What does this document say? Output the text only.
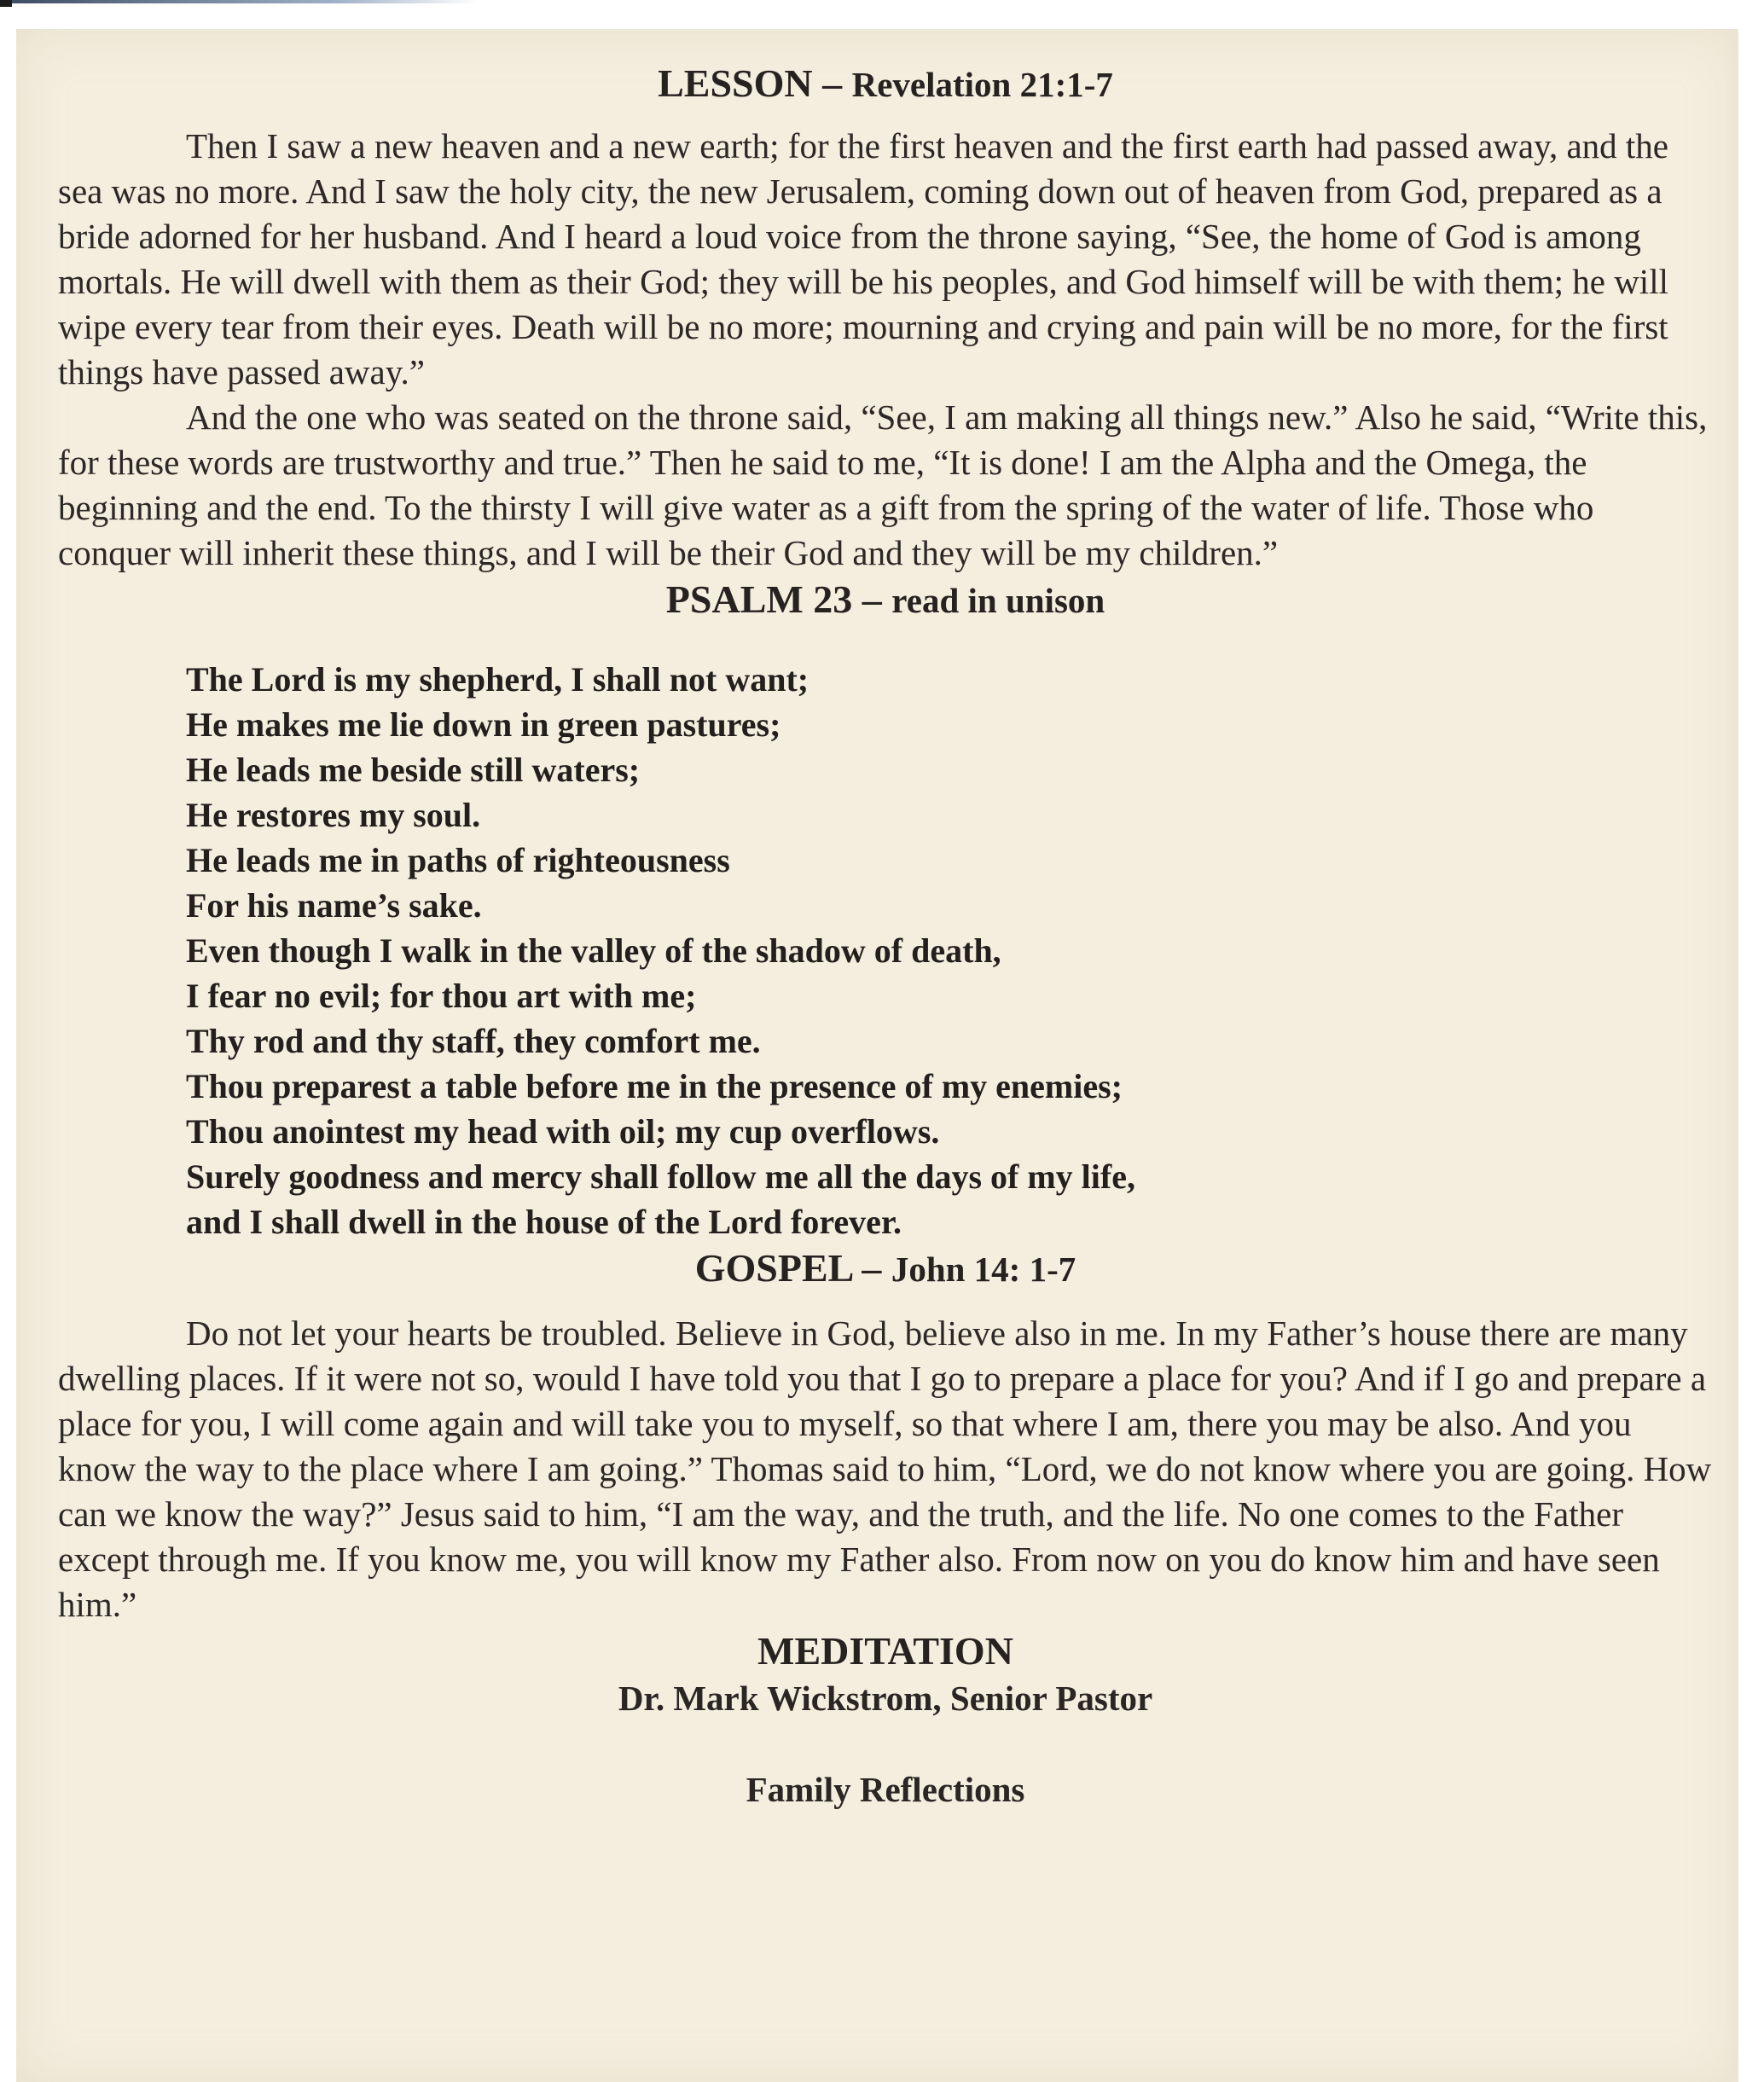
LESSON – Revelation 21:1-7

Then I saw a new heaven and a new earth; for the first heaven and the first earth had passed away, and the sea was no more. And I saw the holy city, the new Jerusalem, coming down out of heaven from God, prepared as a bride adorned for her husband. And I heard a loud voice from the throne saying, “See, the home of God is among mortals. He will dwell with them as their God; they will be his peoples, and God himself will be with them; he will wipe every tear from their eyes. Death will be no more; mourning and crying and pain will be no more, for the first things have passed away.”

And the one who was seated on the throne said, “See, I am making all things new.” Also he said, “Write this, for these words are trustworthy and true.” Then he said to me, “It is done! I am the Alpha and the Omega, the beginning and the end. To the thirsty I will give water as a gift from the spring of the water of life. Those who conquer will inherit these things, and I will be their God and they will be my children.”

PSALM 23 – read in unison
The Lord is my shepherd, I shall not want;
He makes me lie down in green pastures;
He leads me beside still waters;
He restores my soul.
He leads me in paths of righteousness
For his name’s sake.
Even though I walk in the valley of the shadow of death,
I fear no evil; for thou art with me;
Thy rod and thy staff, they comfort me.
Thou preparest a table before me in the presence of my enemies;
Thou anointest my head with oil; my cup overflows.
Surely goodness and mercy shall follow me all the days of my life,
and I shall dwell in the house of the Lord forever.
GOSPEL – John 14: 1-7

Do not let your hearts be troubled. Believe in God, believe also in me. In my Father’s house there are many dwelling places. If it were not so, would I have told you that I go to prepare a place for you? And if I go and prepare a place for you, I will come again and will take you to myself, so that where I am, there you may be also. And you know the way to the place where I am going.” Thomas said to him, “Lord, we do not know where you are going. How can we know the way?” Jesus said to him, “I am the way, and the truth, and the life. No one comes to the Father except through me. If you know me, you will know my Father also. From now on you do know him and have seen him.”

MEDITATION

Dr. Mark Wickstrom, Senior Pastor

Family Reflections
